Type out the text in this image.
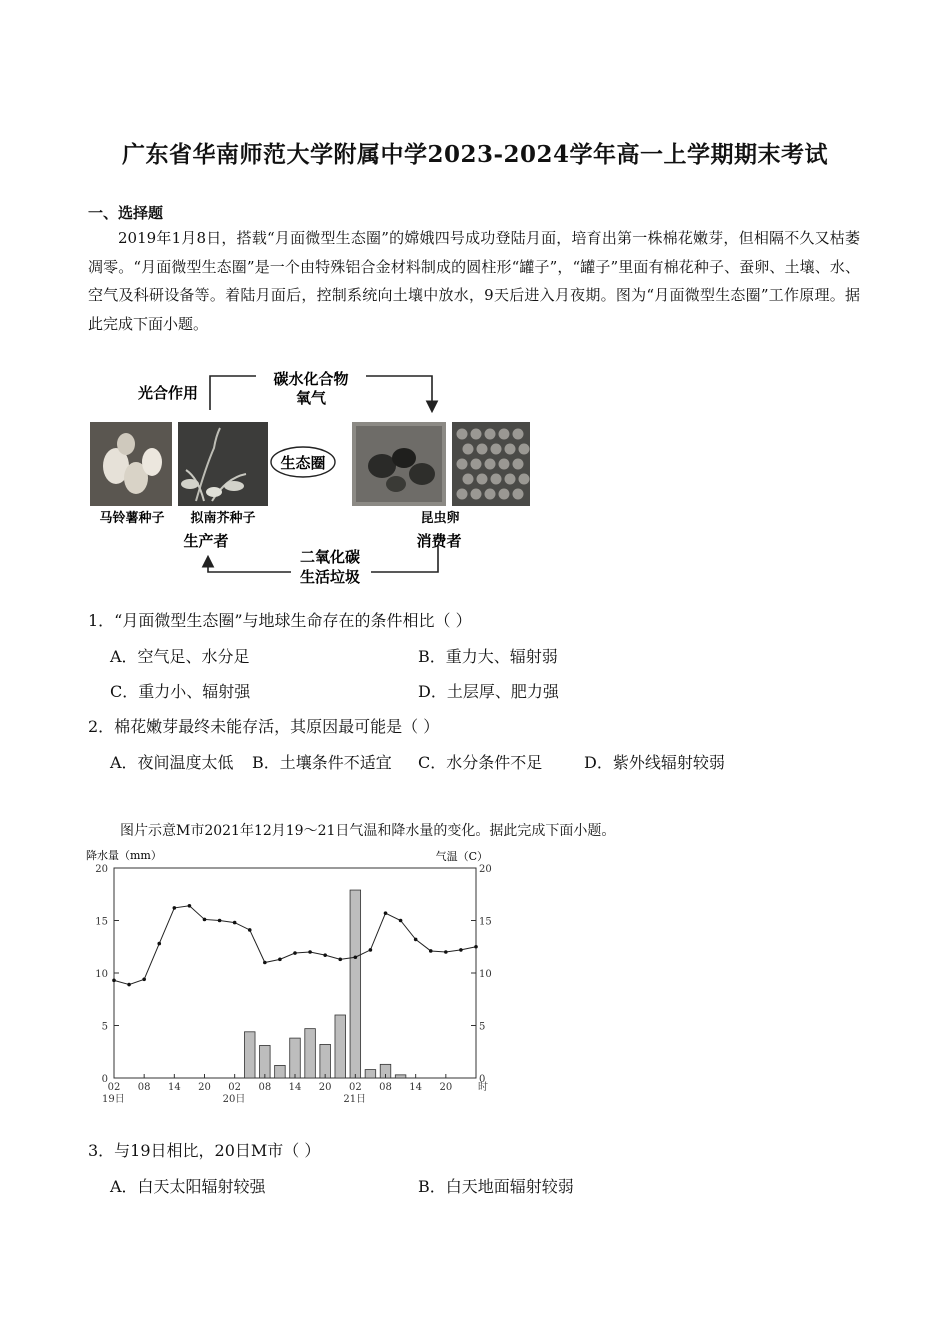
广东省华南师范大学附属中学2023-2024学年高一上学期期末考试
一、选择题
2019年1月8日，搭载“月面微型生态圈”的嫦娥四号成功登陆月面，培育出第一株棉花嫩芽，但相隔不久又枯萎凋零。“月面微型生态圈”是一个由特殊铝合金材料制成的圆柱形“罐子”，“罐子”里面有棉花种子、蚕卵、土壤、水、空气及科研设备等。着陆月面后，控制系统向土壤中放水，9天后进入月夜期。图为“月面微型生态圈”工作原理。据此完成下面小题。
光合作用
碳水化合物
氧气
生态圈
马铃薯种子 拟南芥种子	昆虫卵
生产者	消费者
二氧化碳
生活垃圾
1．“月面微型生态圈”与地球生命存在的条件相比（ ）
A．空气足、水分足	B．重力大、辐射弱
C．重力小、辐射强	D．土层厚、肥力强
2．棉花嫩芽最终未能存活，其原因最可能是（ ）
A．夜间温度太低 B．土壤条件不适宜 C．水分条件不足	D．紫外线辐射较弱
图片示意M市2021年12月19～21日气温和降水量的变化。据此完成下面小题。
降水量（mm）	气温（C）
20	20
15	15
10	10
5	5
0	0
02 08 14 20 02 08 14 20 02 08 14 20	时
19日	20日	21日
3．与19日相比，20日M市（ ）
A．白天太阳辐射较强	B．白天地面辐射较弱
